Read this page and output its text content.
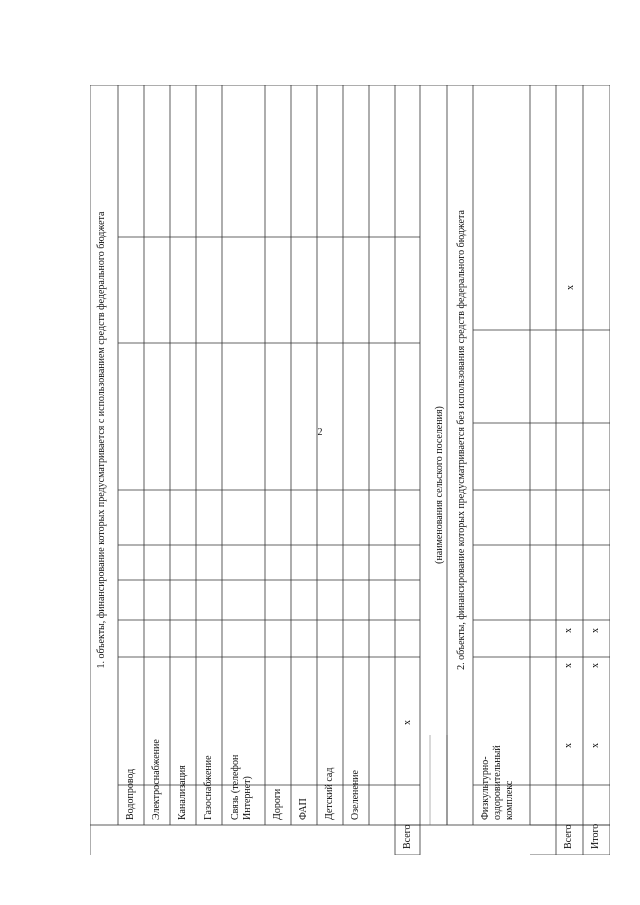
2
1. объекты, финансирование которых предусматривается с использованием средств федерального бюджета
Водопровод Электроснабжение Канализация Газоснабжение Связь (телефон Интернет) Дороги ФАП Детский сад Озеленение
Всего
x
(наименования сельского поселения) 2. объекты, финансирование которых предусматривается без использования средств федерального бюджета
Физкультурно-оздоровительный комплекс
x
Всего
x
x
x
Итого
x
x
x
